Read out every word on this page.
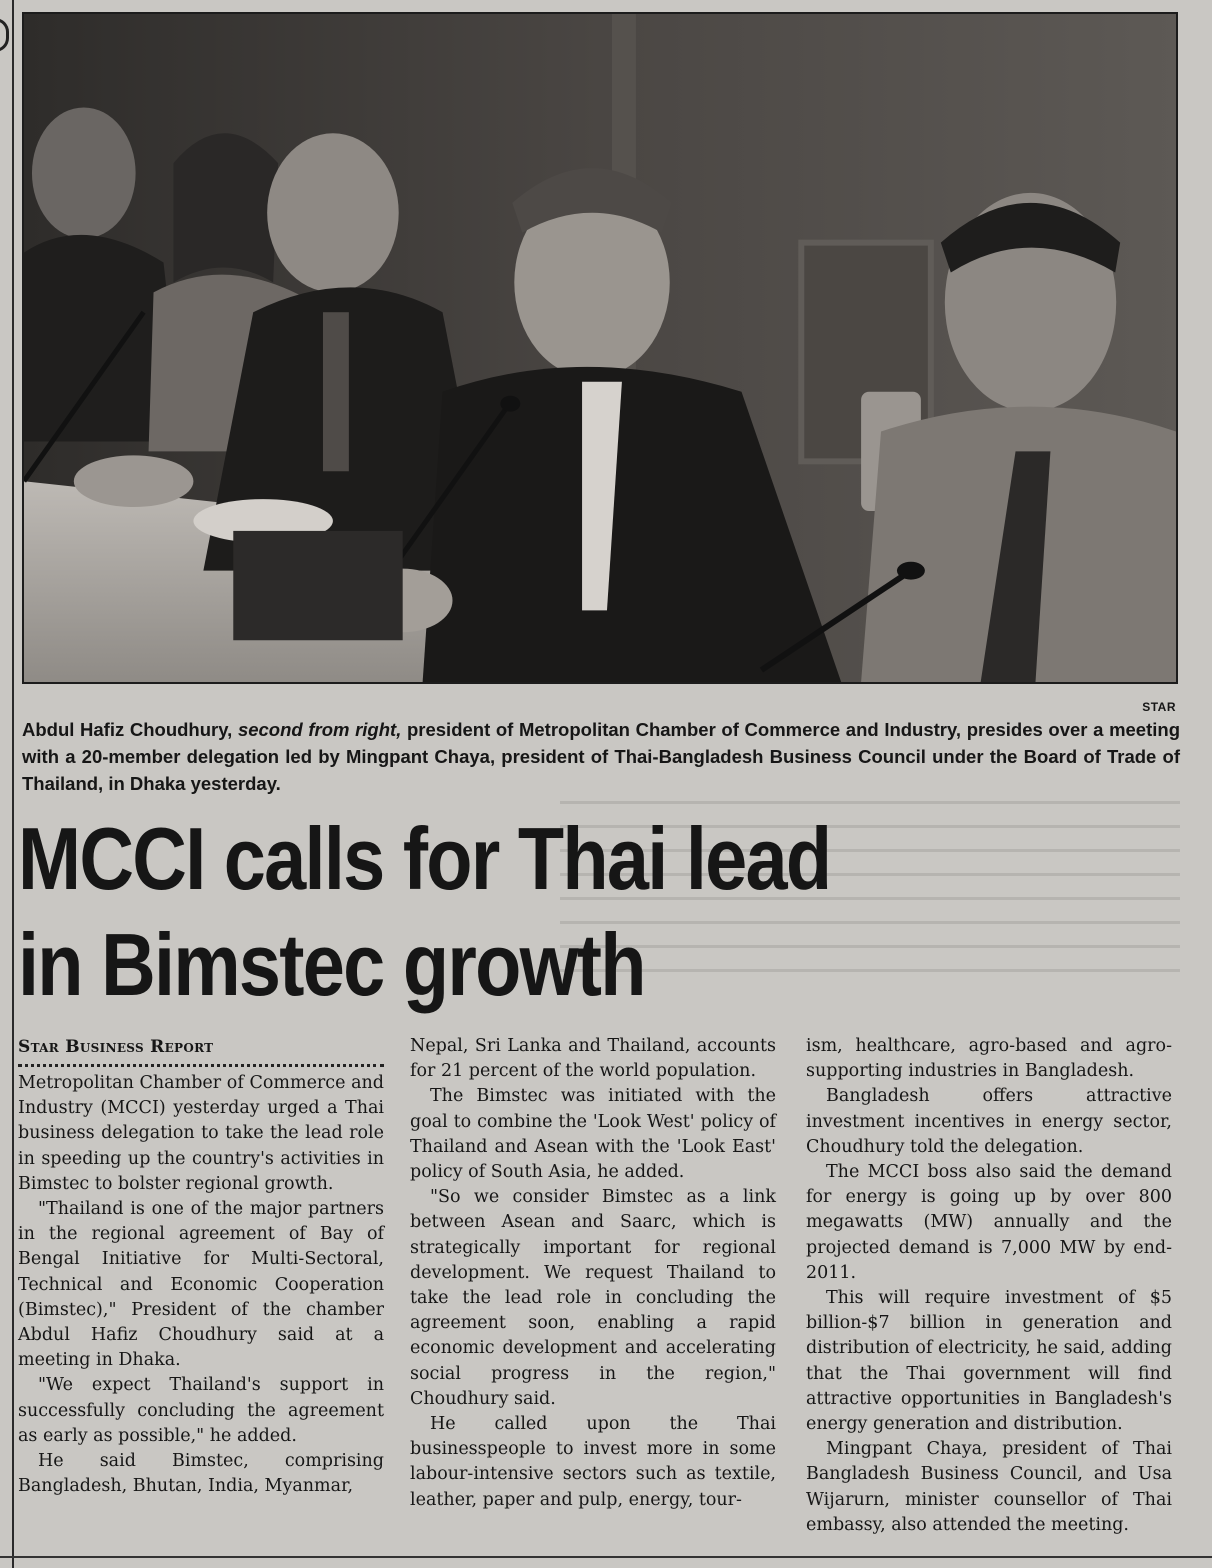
STAR
Abdul Hafiz Choudhury, second from right, president of Metropolitan Chamber of Commerce and Industry, presides over a meeting with a 20-member delegation led by Mingpant Chaya, president of Thai-Bangladesh Business Council under the Board of Trade of Thailand, in Dhaka yesterday.
MCCI calls for Thai lead
in Bimstec growth
Star Business Report

Metropolitan Chamber of Commerce and Industry (MCCI) yesterday urged a Thai business delegation to take the lead role in speeding up the country's activities in Bimstec to bolster regional growth.

"Thailand is one of the major partners in the regional agreement of Bay of Bengal Initiative for Multi-Sectoral, Technical and Economic Cooperation (Bimstec)," President of the chamber Abdul Hafiz Choudhury said at a meeting in Dhaka.

"We expect Thailand's support in successfully concluding the agreement as early as possible," he added.

He said Bimstec, comprising Bangladesh, Bhutan, India, Myanmar,

Nepal, Sri Lanka and Thailand, accounts for 21 percent of the world population.

The Bimstec was initiated with the goal to combine the 'Look West' policy of Thailand and Asean with the 'Look East' policy of South Asia, he added.

"So we consider Bimstec as a link between Asean and Saarc, which is strategically important for regional development. We request Thailand to take the lead role in concluding the agreement soon, enabling a rapid economic development and accelerating social progress in the region," Choudhury said.

He called upon the Thai businesspeople to invest more in some labour-intensive sectors such as textile, leather, paper and pulp, energy, tour-

ism, healthcare, agro-based and agro-supporting industries in Bangladesh.

Bangladesh offers attractive investment incentives in energy sector, Choudhury told the delegation.

The MCCI boss also said the demand for energy is going up by over 800 megawatts (MW) annually and the projected demand is 7,000 MW by end-2011.

This will require investment of $5 billion-$7 billion in generation and distribution of electricity, he said, adding that the Thai government will find attractive opportunities in Bangladesh's energy generation and distribution.

Mingpant Chaya, president of Thai Bangladesh Business Council, and Usa Wijarurn, minister counsellor of Thai embassy, also attended the meeting.
